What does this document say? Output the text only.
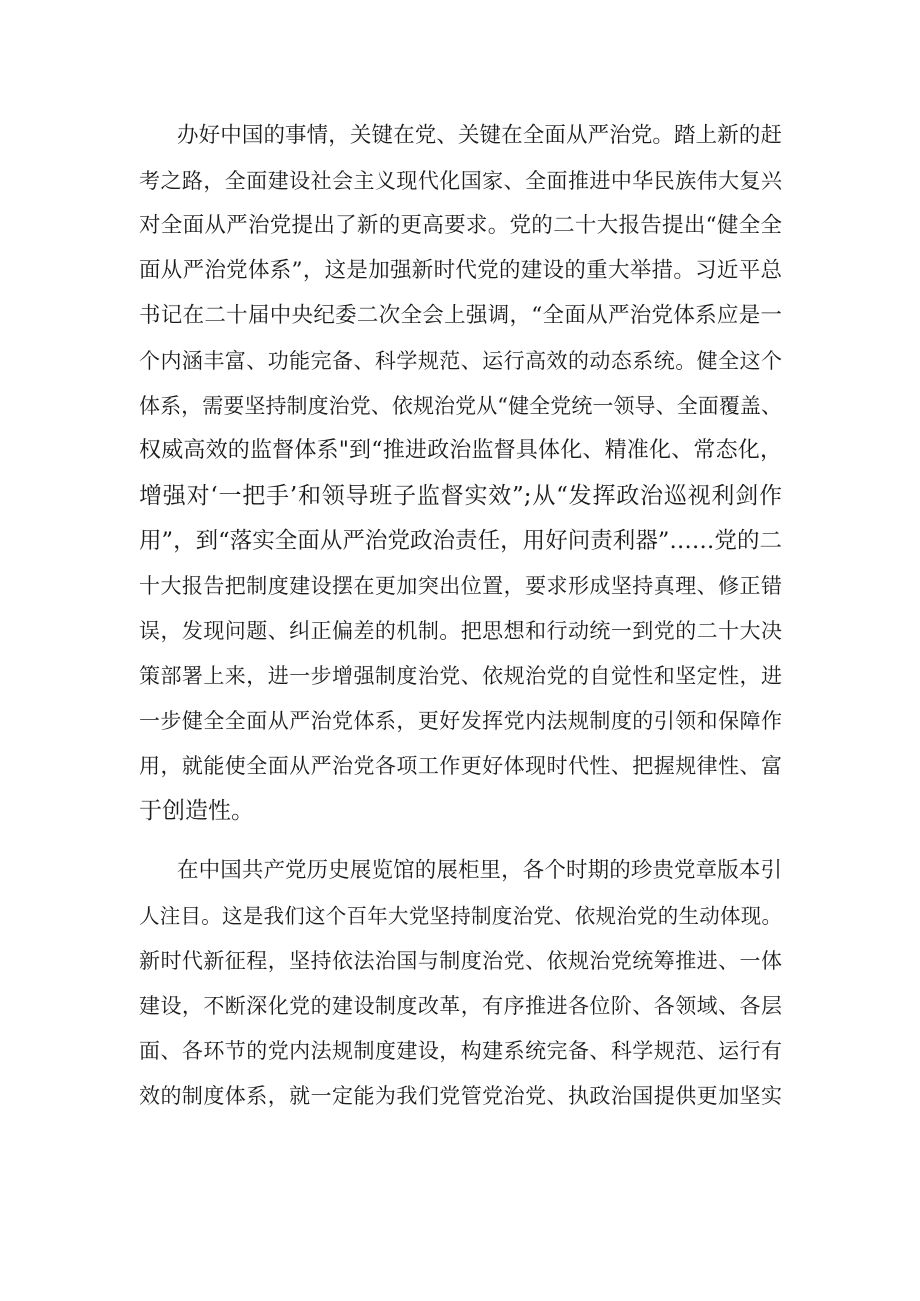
办好中国的事情，关键在党、关键在全面从严治党。踏上新的赶
考之路，全面建设社会主义现代化国家、全面推进中华民族伟大复兴
对全面从严治党提出了新的更高要求。党的二十大报告提出“健全全
面从严治党体系”，这是加强新时代党的建设的重大举措。习近平总
书记在二十届中央纪委二次全会上强调，“全面从严治党体系应是一
个内涵丰富、功能完备、科学规范、运行高效的动态系统。健全这个
体系，需要坚持制度治党、依规治党从“健全党统一领导、全面覆盖、
权威高效的监督体系"到“推进政治监督具体化、精准化、常态化，
增强对‘一把手’和领导班子监督实效”;从“发挥政治巡视利剑作
用”，到“落实全面从严治党政治责任，用好问责利器”……党的二
十大报告把制度建设摆在更加突出位置，要求形成坚持真理、修正错
误，发现问题、纠正偏差的机制。把思想和行动统一到党的二十大决
策部署上来，进一步增强制度治党、依规治党的自觉性和坚定性，进
一步健全全面从严治党体系，更好发挥党内法规制度的引领和保障作
用，就能使全面从严治党各项工作更好体现时代性、把握规律性、富
于创造性。
在中国共产党历史展览馆的展柜里，各个时期的珍贵党章版本引
人注目。这是我们这个百年大党坚持制度治党、依规治党的生动体现。
新时代新征程，坚持依法治国与制度治党、依规治党统筹推进、一体
建设，不断深化党的建设制度改革，有序推进各位阶、各领域、各层
面、各环节的党内法规制度建设，构建系统完备、科学规范、运行有
效的制度体系，就一定能为我们党管党治党、执政治国提供更加坚实
